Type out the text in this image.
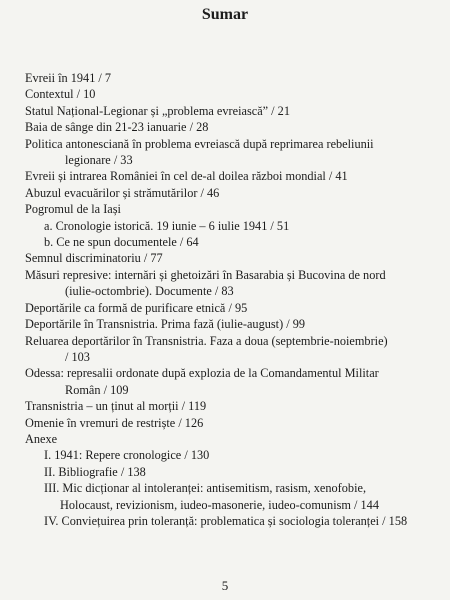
Sumar
Evreii în 1941 / 7
Contextul / 10
Statul Național-Legionar și „problema evreiască” / 21
Baia de sânge din 21-23 ianuarie / 28
Politica antonesciană în problema evreiască după reprimarea rebeliunii
legionare / 33
Evreii și intrarea României în cel de-al doilea război mondial / 41
Abuzul evacuărilor și strămutărilor / 46
Pogromul de la Iași
a. Cronologie istorică. 19 iunie – 6 iulie 1941 / 51
b. Ce ne spun documentele / 64
Semnul discriminatoriu / 77
Măsuri represive: internări și ghetoizări în Basarabia și Bucovina de nord
(iulie-octombrie). Documente / 83
Deportările ca formă de purificare etnică / 95
Deportările în Transnistria. Prima fază (iulie-august) / 99
Reluarea deportărilor în Transnistria. Faza a doua (septembrie-noiembrie)
/ 103
Odessa: represalii ordonate după explozia de la Comandamentul Militar
Român / 109
Transnistria – un ținut al morții / 119
Omenie în vremuri de restriște / 126
Anexe
I. 1941: Repere cronologice / 130
II. Bibliografie / 138
III. Mic dicționar al intoleranței: antisemitism, rasism, xenofobie,
Holocaust, revizionism, iudeo-masonerie, iudeo-comunism / 144
IV. Conviețuirea prin toleranță: problematica și sociologia toleranței / 158
5
